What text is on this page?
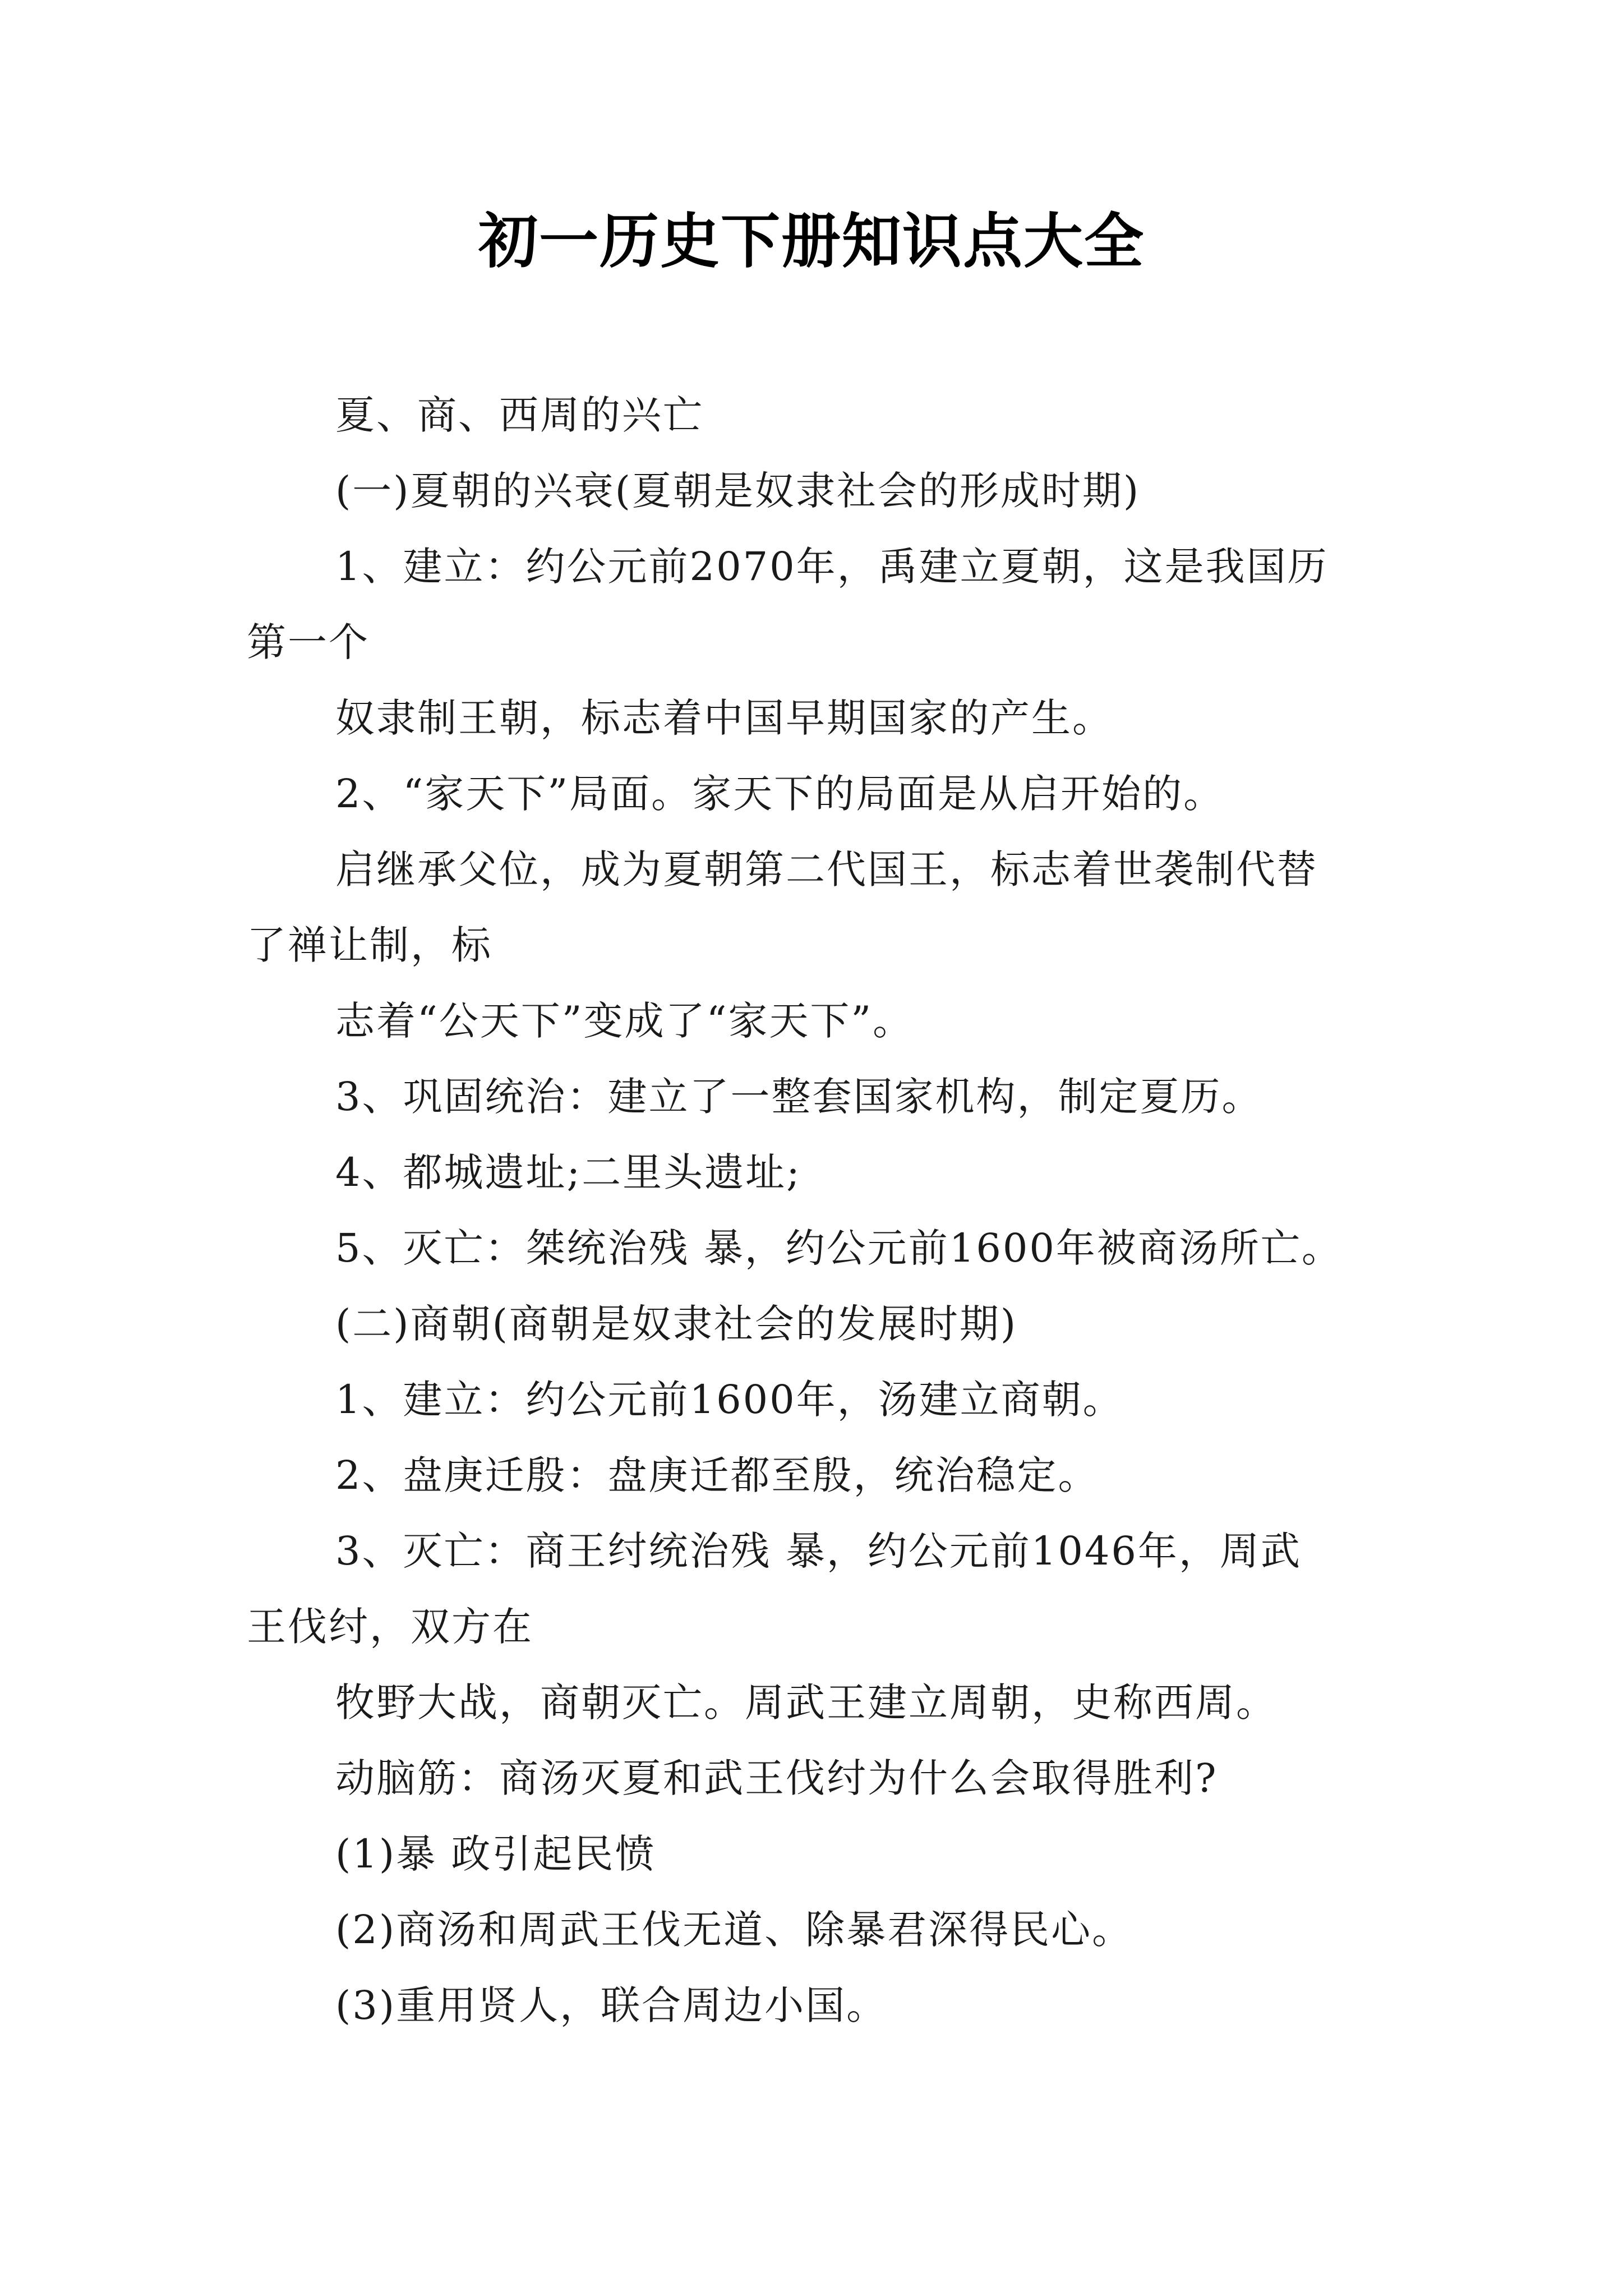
初一历史下册知识点大全
夏、商、西周的兴亡
(一)夏朝的兴衰(夏朝是奴隶社会的形成时期)
1、建立：约公元前2070年，禹建立夏朝，这是我国历
第一个
奴隶制王朝，标志着中国早期国家的产生。
2、“家天下”局面。家天下的局面是从启开始的。
启继承父位，成为夏朝第二代国王，标志着世袭制代替
了禅让制，标
志着“公天下”变成了“家天下”。
3、巩固统治：建立了一整套国家机构，制定夏历。
4、都城遗址;二里头遗址;
5、灭亡：桀统治残 暴，约公元前1600年被商汤所亡。
(二)商朝(商朝是奴隶社会的发展时期)
1、建立：约公元前1600年，汤建立商朝。
2、盘庚迁殷：盘庚迁都至殷，统治稳定。
3、灭亡：商王纣统治残 暴，约公元前1046年，周武
王伐纣，双方在
牧野大战，商朝灭亡。周武王建立周朝，史称西周。
动脑筋：商汤灭夏和武王伐纣为什么会取得胜利?
(1)暴 政引起民愤
(2)商汤和周武王伐无道、除暴君深得民心。
(3)重用贤人，联合周边小国。
